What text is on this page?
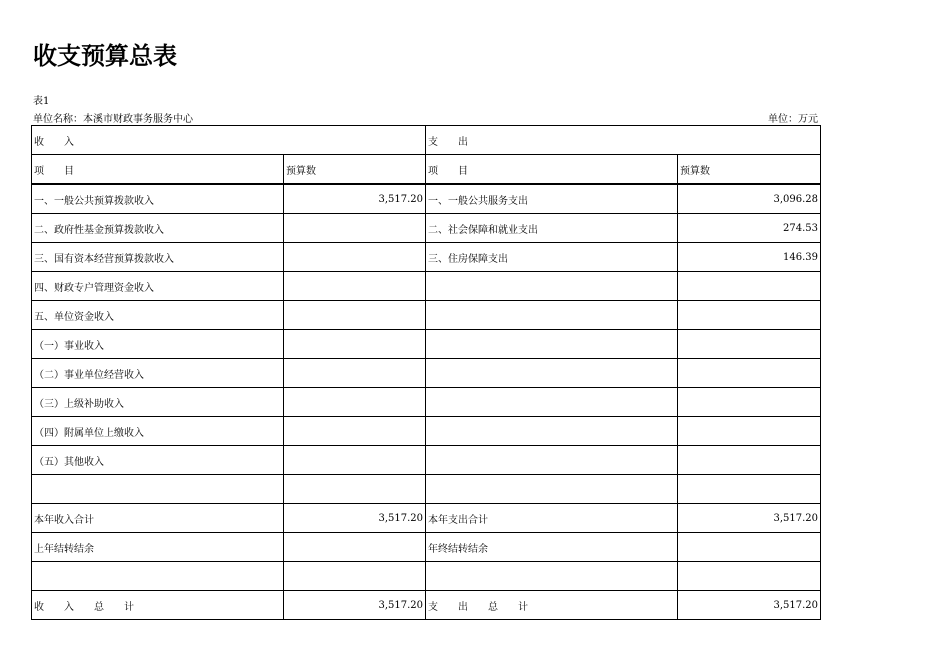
收支预算总表
表1
单位名称：本溪市财政事务服务中心	单位：万元
收　　入		支　　出	
项　　目	预算数	项　　目	预算数
一、一般公共预算拨款收入	3,517.20	一、一般公共服务支出	3,096.28
二、政府性基金预算拨款收入		二、社会保障和就业支出	274.53
三、国有资本经营预算拨款收入		三、住房保障支出	146.39
四、财政专户管理资金收入			
五、单位资金收入			
（一）事业收入			
（二）事业单位经营收入			
（三）上级补助收入			
（四）附属单位上缴收入			
（五）其他收入			

本年收入合计	3,517.20	本年支出合计	3,517.20
上年结转结余		年终结转结余	

收　　入　　总　　计	3,517.20	支　　出　　总　　计	3,517.20
